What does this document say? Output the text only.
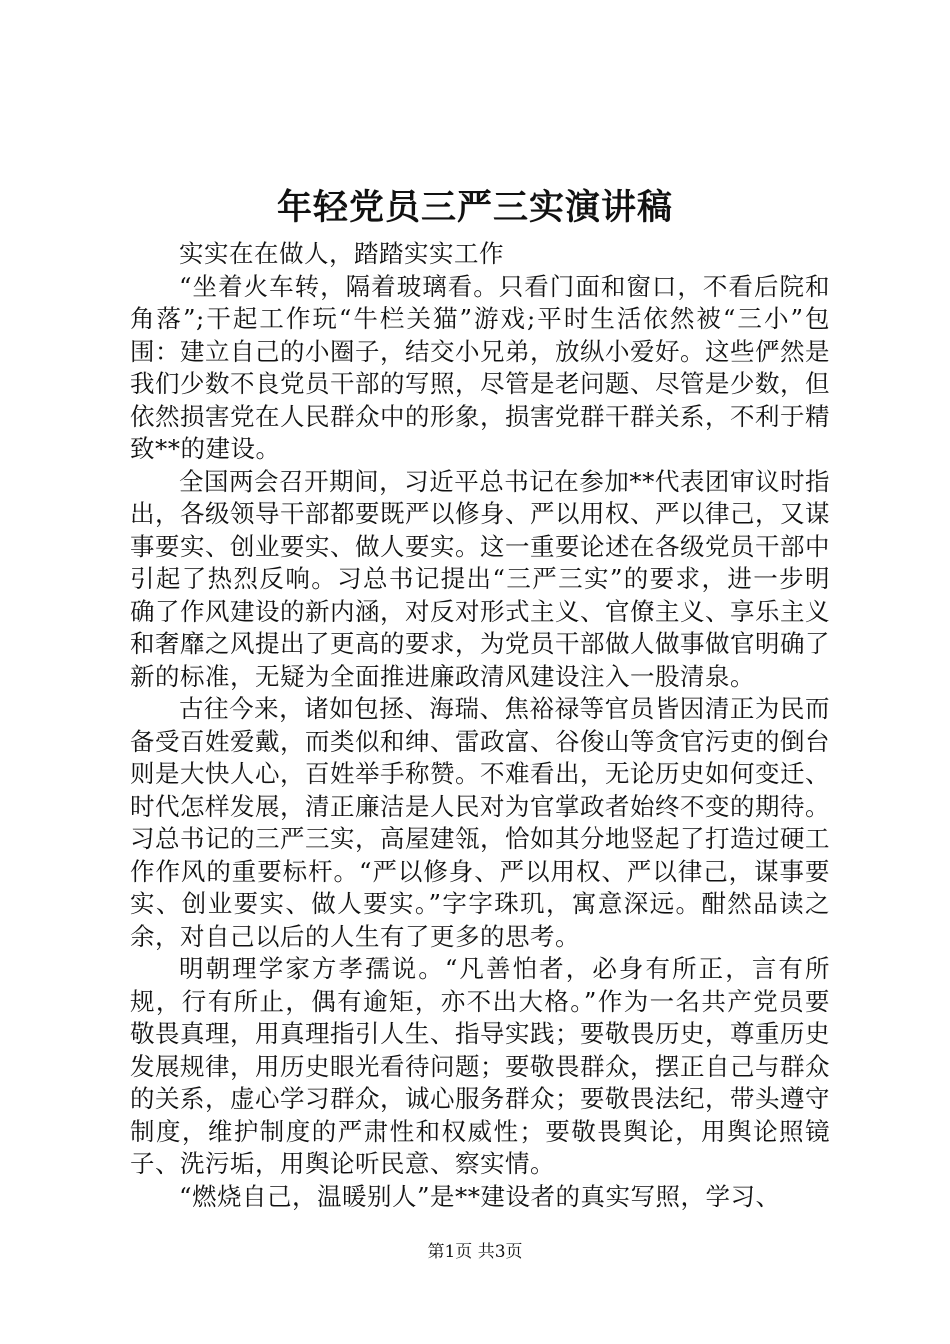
年轻党员三严三实演讲稿

实实在在做人，踏踏实实工作

“坐着火车转，隔着玻璃看。只看门面和窗口，不看后院和角落”;干起工作玩“牛栏关猫”游戏;平时生活依然被“三小”包围：建立自己的小圈子，结交小兄弟，放纵小爱好。这些俨然是我们少数不良党员干部的写照，尽管是老问题、尽管是少数，但依然损害党在人民群众中的形象，损害党群干群关系，不利于精致**的建设。

全国两会召开期间，习近平总书记在参加**代表团审议时指出，各级领导干部都要既严以修身、严以用权、严以律己，又谋事要实、创业要实、做人要实。这一重要论述在各级党员干部中引起了热烈反响。习总书记提出“三严三实”的要求，进一步明确了作风建设的新内涵，对反对形式主义、官僚主义、享乐主义和奢靡之风提出了更高的要求，为党员干部做人做事做官明确了新的标准，无疑为全面推进廉政清风建设注入一股清泉。

古往今来，诸如包拯、海瑞、焦裕禄等官员皆因清正为民而备受百姓爱戴，而类似和绅、雷政富、谷俊山等贪官污吏的倒台则是大快人心，百姓举手称赞。不难看出，无论历史如何变迁、时代怎样发展，清正廉洁是人民对为官掌政者始终不变的期待。习总书记的三严三实，高屋建瓴，恰如其分地竖起了打造过硬工作作风的重要标杆。“严以修身、严以用权、严以律己，谋事要实、创业要实、做人要实。”字字珠玑，寓意深远。酣然品读之余，对自己以后的人生有了更多的思考。

明朝理学家方孝孺说。“凡善怕者，必身有所正，言有所规，行有所止，偶有逾矩，亦不出大格。”作为一名共产党员要敬畏真理，用真理指引人生、指导实践；要敬畏历史，尊重历史发展规律，用历史眼光看待问题；要敬畏群众，摆正自己与群众的关系，虚心学习群众，诚心服务群众；要敬畏法纪，带头遵守制度，维护制度的严肃性和权威性；要敬畏舆论，用舆论照镜子、洗污垢，用舆论听民意、察实情。

“燃烧自己，温暖别人”是**建设者的真实写照，学习、

第1页 共3页
